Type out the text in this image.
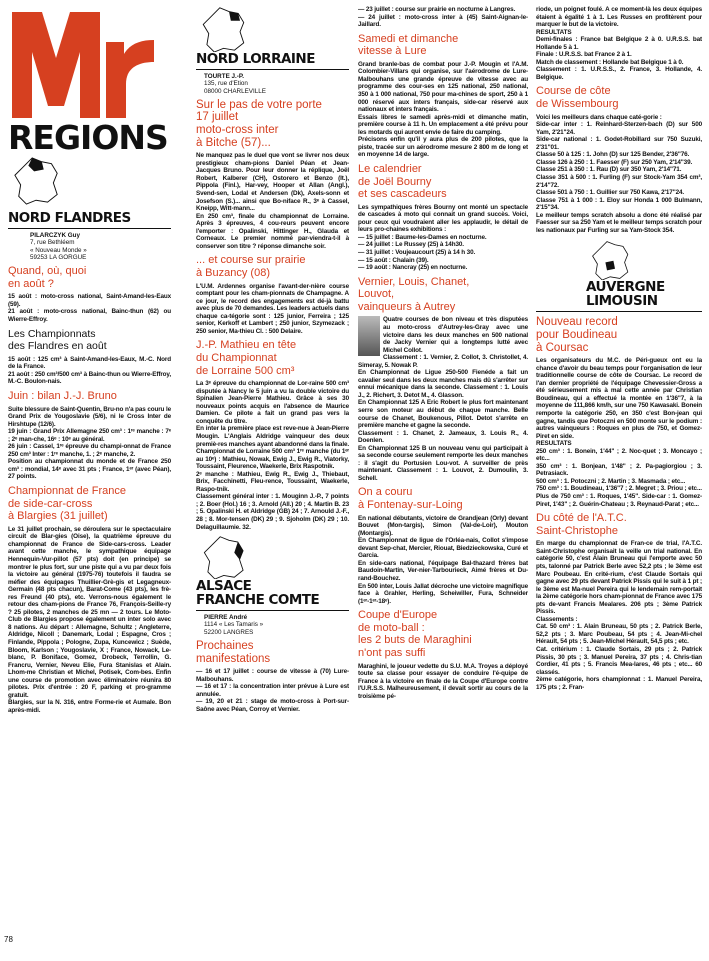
REGIONS
NORD FLANDRES
PILARCZYK Guy
7, rue Bethléem
« Nouveau Monde »
59253 LA GORGUE
Quand, où, quoi
en août ?
15 août : moto-cross national, Saint-Amand-les-Eaux (59).
21 août : moto-cross national, Bainc-thun (62) ou Wierre-Effroy.
Les Championnats
des Flandres en août
15 août : 125 cm³ à Saint-Amand-les-Eaux, M.-C. Nord de la France.
21 août : 250 cm³/500 cm³ à Bainc-thun ou Wierre-Effroy, M.-C. Boulon-nais.
Juin : bilan J.-J. Bruno
Suite blessure de Saint-Quentin, Bru-no n'a pas couru le Grand Prix de Yougoslavie (5/6), ni le Cross Inter de Hirshtupe (12/6).
19 juin : Grand Prix Allemagne 250 cm³ : 1ʳᵉ manche : 7ᵉ ; 2ᵉ man-che, 16ᵉ : 10ᵉ au général.
26 juin : Cassel, 1ʳᵉ épreuve du champi-onnat de France 250 cm³ Inter : 1ʳᵉ manche, 1. ; 2ᵉ manche, 2.
Position au championnat du monde et de France 250 cm³ : mondial, 14ᵉ avec 31 pts ; France, 1ᵉʳ (avec Péan), 27 points.
Championnat de France
de side-car-cross
à Blargies (31 juillet)
Le 31 juillet prochain, se déroulera sur le spectaculaire circuit de Blar-gies (Oise), la quatrième épreuve du championnat de France de Side-cars-cross. Leader avant cette manche, le sympathique équipage Hennequin-Vur-pillot (57 pts) doit (en principe) se montrer le plus fort, sur une piste qui a vu par deux fois la victoire au général (1975-76) toutefois il faudra se méfier des équipages Thuillier-Grè-gis et Legagneux-Germain (48 pts chacun), Barat-Come (43 pts), les frè-res Freund (40 pts), etc. Verrons-nous également le retour des cham-pions de France 76, François-Seille-ry ? 25 pilotes, 2 manches de 25 mn — 2 tours. Le Moto-Club de Blargies propose également un inter solo avec 8 nations. Au départ : Allemagne, Schultz ; Angleterre, Aldridge, Nicoll ; Danemark, Lodal ; Espagne, Cros ; Finlande, Pippola ; Pologne, Zupa, Kuncewicz ; Suède, Bloom, Karlson ; Yougoslavie, X ; France, Nowack, Le-blanc, P. Boniface, Gomez, Drobeck, Terrollin, G. Francru, Vernier, Neveu Elie, Fura Stanislas et Alain. Lhom-me Christian et Michel, Potisek, Com-bes. Enfin une course de promotion avec éliminatoire réunira 80 pilotes. Prix d'entrée : 20 F, parking et pro-gramme gratuit.
Blargies, sur la N. 316, entre Forme-rie et Aumale. Bon après-midi.
78
NORD LORRAINE
TOURTE J.-P.
135, rue d'Etion
08000 CHARLEVILLE
Sur le pas de votre porte
17 juillet
moto-cross inter
à Bitche (57)...
Ne manquez pas le duel que vont se livrer nos deux prestigieux cham-pions Daniel Péan et Jean-Jacques Bruno. Pour leur donner la réplique, Joël Robert, Kalberer (CH), Ostorero et Benzo (It.), Pippola (Finl.), Har-vey, Hooper et Allan (Angl.), Svend-sen, Lodal et Andersen (Dk), Axels-sonn et Josefson (S.)... ainsi que Bo-niface R., 3ᵉ à Cassel, Kneipp, Witt-mann...
En 250 cm³, finale du championnat de Lorraine. Après 3 épreuves, 4 cou-reurs peuvent encore l'emporter : Opalinski, Hittinger H., Glauda et Corneaux. Le premier nommé par-viendra-t-il à conserver son titre ? réponse dimanche soir.
... et course sur prairie
à Buzancy (08)
L'U.M. Ardennes organise l'avant-der-nière course comptant pour les cham-pionnats de Champagne. A ce jour, le record des engagements est dé-jà battu avec plus de 70 demandes. Les leaders actuels dans chaque ca-tégorie sont : 125 junior, Ferreira ; 125 senior, Kerkoff et Lambert ; 250 junior, Szymezack ; 250 senior, Ma-thieu Cl. : 500 Delaire.
J.-P. Mathieu en tête
du Championnat
de Lorraine 500 cm³
La 3ᵉ épreuve du championnat de Lor-raine 500 cm³ disputée à Nancy le 5 juin a vu la double victoire du Spinalien Jean-Pierre Mathieu. Grâce à ses 30 nouveaux points acquis en l'absence de Maurice Damien. Ce pilote a fait un grand pas vers la conquête du titre.
En inter la première place est reve-nue à Jean-Pierre Mougin. L'Anglais Aldridge vainqueur des deux premiè-res manches ayant abandonné dans la finale.
Championnat de Lorraine 500 cm³ 1ʳᵉ manche (du 1ᵉʳ au 10ᵉ) : Mathieu, Nowak, Ewig J., Ewig R., Viatorky, Toussaint, Fleurence, Waekerle, Brix Raspotnik.
2ᵉ manche : Mathieu, Ewig R., Ewig J., Thiebaut, Brix, Facchinetti, Fleu-rence, Toussaint, Waekerle, Raspo-tnik.
Classement général inter : 1. Mouginn J.-P., 7 points ; 2. Boer (Hol.) 16 ; 3. Arnold (All.) 20 ; 4. Martin B. 23 ; 5. Opalinski H. et Aldridge (GB) 24 ; 7. Arnould J.-F., 28 ; 8. Mor-tensen (DK) 29 ; 9. Sjoholm (DK) 29 ; 10. Delaguillaumie. 32.
ALSACE
FRANCHE COMTE
PIERRE André
1114 « Les Tamaris »
52200 LANGRES
Prochaines
manifestations
— 16 et 17 juillet : course de vitesse à (70) Lure-Malbouhans.
— 16 et 17 : la concentration inter prévue à Lure est annulée.
— 19, 20 et 21 : stage de moto-cross à Port-sur-Saône avec Péan, Corroy et Vernier.
— 23 juillet : course sur prairie en nocturne à Langres.
— 24 juillet : moto-cross inter à (45) Saint-Aignan-le-Jaillard.
Samedi et dimanche
vitesse à Lure
Grand branle-bas de combat pour J.-P. Mougin et l'A.M. Colombier-Villars qui organise, sur l'aérodrome de Lure-Malbouhans une grande épreuve de vitesse avec au programme des cour-ses en 125 national, 250 national, 350 à 1 000 national, 750 pour ma-chines de sport, 250 à 1 000 réservé aux inters français, side-car réservé aux nationaux et inters français.
Essais libres le samedi après-midi et dimanche matin, première course à 11 h. Un emplacement a été prévu pour les motards qui auront envie de faire du camping.
Précisons enfin qu'il y aura plus de 200 pilotes, que la piste, tracée sur un aérodrome mesure 2 800 m de long et en moyenne 14 de large.
Le calendrier
de Joël Bourny
et ses cascadeurs
Les sympathiques frères Bourny ont monté un spectacle de cascades à moto qui connait un grand succès. Voici, pour ceux qui voudraient aller les applaudir, le détail de leurs pro-chaines exhibitions :
— 15 juillet : Baume-les-Dames en nocturne.
— 24 juillet : Le Russey (25) à 14h30.
— 31 juillet : Voujeaucourt (25) à 14 h 30.
— 15 août : Chalain (39).
— 19 août : Nancray (25) en nocturne.
Vernier, Louis, Chanet,
Louvot,
vainqueurs à Autrey
Quatre courses de bon niveau et très disputées au moto-cross d'Autrey-les-Gray avec une victoire dans les deux manches en 500 national de Jacky Vernier qui a longtemps lutté avec Michel Collot.
Classement : 1. Vernier, 2. Collot, 3. Christollet, 4. Simeray, 5. Nowak P.
En Championnat de Ligue 250-500 Fienéde a fait un cavalier seul dans les deux manches mais dû s'arrêter sur ennui mécanique dans la seconde. Classement : 1. Louis J., 2. Richert, 3. Detot M., 4. Glasson.
En Championnat 125 A Eric Robert le plus fort maintenant serre son moteur au début de chaque manche. Belle course de Chanet, Boukenous, Pillot. Detot s'arrête en première manche et gagne la seconde.
Classement : 1. Chanet, 2. Jameaux, 3. Louis R., 4. Doenlen.
En Championnat 125 B un nouveau venu qui participait à sa seconde course seulement remporte les deux manches : il s'agit du Portusien Lou-vot. A surveiller de près maintenant. Classement : 1. Louvot, 2. Dumoulin, 3. Schell.
On a couru
à Fontenay-sur-Loing
En national débutants, victoire de Grandjean (Orly) devant Bouvet (Mon-targis), Simon (Val-de-Loir), Mouton (Montargis).
En Championnat de ligue de l'Orléa-nais, Collot s'impose devant Sep-chat, Mercier, Riouat, Biedzieckowska, Curé et Garcia.
En side-cars national, l'équipage Bal-thazard frères bat Baudoin-Martin, Ver-nier-Tarbourieck, Aimé frères et Du-rand-Bouchez.
En 500 inter, Louis Jallat décroche une victoire magnifique face à Grahler, Herling, Scheiwiller, Fura, Schneider (1ᵉʳ-1ᵉʳ-18ᵉ).
Coupe d'Europe
de moto-ball :
les 2 buts de Maraghini
n'ont pas suffi
Maraghini, le joueur vedette du S.U. M.A. Troyes a déployé toute sa classe pour essayer de conduire l'é-quipe de France à la victoire en finale de la Coupe d'Europe contre l'U.R.S.S. Malheureusement, il devait sortir au cours de la troisième pé-
riode, un poignet foulé. A ce moment-là les deux équipes étaient à égalité 1 à 1. Les Russes en profitèrent pour marquer le but de la victoire.
RESULTATS
Demi-finales : France bat Belgique 2 à 0. U.R.S.S. bat Hollande 5 à 1.
Finale : U.R.S.S. bat France 2 à 1.
Match de classement : Hollande bat Belgique 1 à 0.
Classement : 1. U.R.S.S., 2. France, 3. Hollande, 4. Belgique.
Course de côte
de Wissembourg
Voici les meilleurs dans chaque caté-gorie :
Side-car inter : 1. Reinhard-Sterzen-bach (D) sur 500 Yam, 2'21"24.
Side-car national : 1. Godet-Robillard sur 750 Suzuki, 2'31"01.
Classe 50 à 125 : 1. John (D) sur 125 Bender, 2'36"76.
Classe 126 à 250 : 1. Faesser (F) sur 250 Yam, 2'14"39.
Classe 251 à 350 : 1. Rau (D) sur 350 Yam, 2'14"71.
Classe 351 à 500 : 1. Furling (F) sur Stock-Yam 354 cm³, 2'14"72.
Classe 501 à 750 : 1. Guillier sur 750 Kawa, 2'17"24.
Classe 751 à 1 000 : 1. Eloy sur Honda 1 000 Bulmann, 2'15"34.
Le meilleur temps scratch absolu a donc été réalisé par Faesser sur sa 250 Yam et le meilleur temps scratch pour les nationaux par Furling sur sa Yam-Stock 354.
AUVERGNE
LIMOUSIN
Nouveau record
pour Boudineau
à Coursac
Les organisateurs du M.C. de Péri-gueux ont eu la chance d'avoir du beau temps pour l'organisation de leur traditionnelle course de côte de Coursac. Le record de l'an dernier propriété de l'équipage Chevessier-Gross a été sérieusement mis à mal cette année par Christian Boudineau, qui a effectué la montée en 1'36"7, à la moyenne de 111,866 km/h, sur une 750 Kawasaki. Bonein remporte la catégorie 250, en 350 c'est Bon-jean qui gagne, tandis que Potoczni en 500 monte sur le podium : autres vainqueurs : Roques en plus de 750, et Gomez-Piret en side.
RESULTATS
250 cm³ : 1. Bonein, 1'44" ; 2. Noc-quet ; 3. Moncayo ; etc...
350 cm³ : 1. Bonjean, 1'48" ; 2. Pa-pagiorgiou ; 3. Petrasiack.
500 cm³ : 1. Potoczni ; 2. Martin ; 3. Masmada ; etc...
750 cm³ : 1. Boudineau, 1'36"7 ; 2. Megret ; 3. Priou ; etc...
Plus de 750 cm³ : 1. Roques, 1'45". Side-car : 1. Gomez-Piret, 1'43" ; 2. Guérin-Chateau ; 3. Reynaud-Parat ; etc...
Du côté de l'A.T.C.
Saint-Christophe
En marge du championnat de Fran-ce de trial, l'A.T.C. Saint-Christophe organisait la veille un trial national. En catégorie 50, c'est Alain Bruneau qui l'emporte avec 50 pts, talonné par Patrick Berle avec 52,2 pts ; le 3ème est Marc Poubeau. En crité-rium, c'est Claude Sortais qui gagne avec 29 pts devant Patrick Pissis qui le suit à 1 pt ; le 3ème est Ma-nuel Pereira qui le lendemain rem-portait la 2ème catégorie hors cham-pionnat de France avec 175 pts de-vant Francis Mealares. 206 pts ; 3ème Patrick Pissis.
Classements :
Cat. 50 cm³ : 1. Alain Bruneau, 50 pts ; 2. Patrick Berle, 52,2 pts ; 3. Marc Poubeau, 54 pts ; 4. Jean-Mi-chel Hérault, 54 pts ; 5. Jean-Michel Hérault, 54,5 pts ; etc.
Cat. critérium : 1. Claude Sortais, 29 pts ; 2. Patrick Pissis, 30 pts ; 3. Manuel Pereira, 37 pts ; 4. Chris-tian Cordier, 41 pts ; 5. Francis Mea-lares, 46 pts ; etc... 60 classés.
2ème catégorie, hors championnat : 1. Manuel Pereira, 175 pts ; 2. Fran-
